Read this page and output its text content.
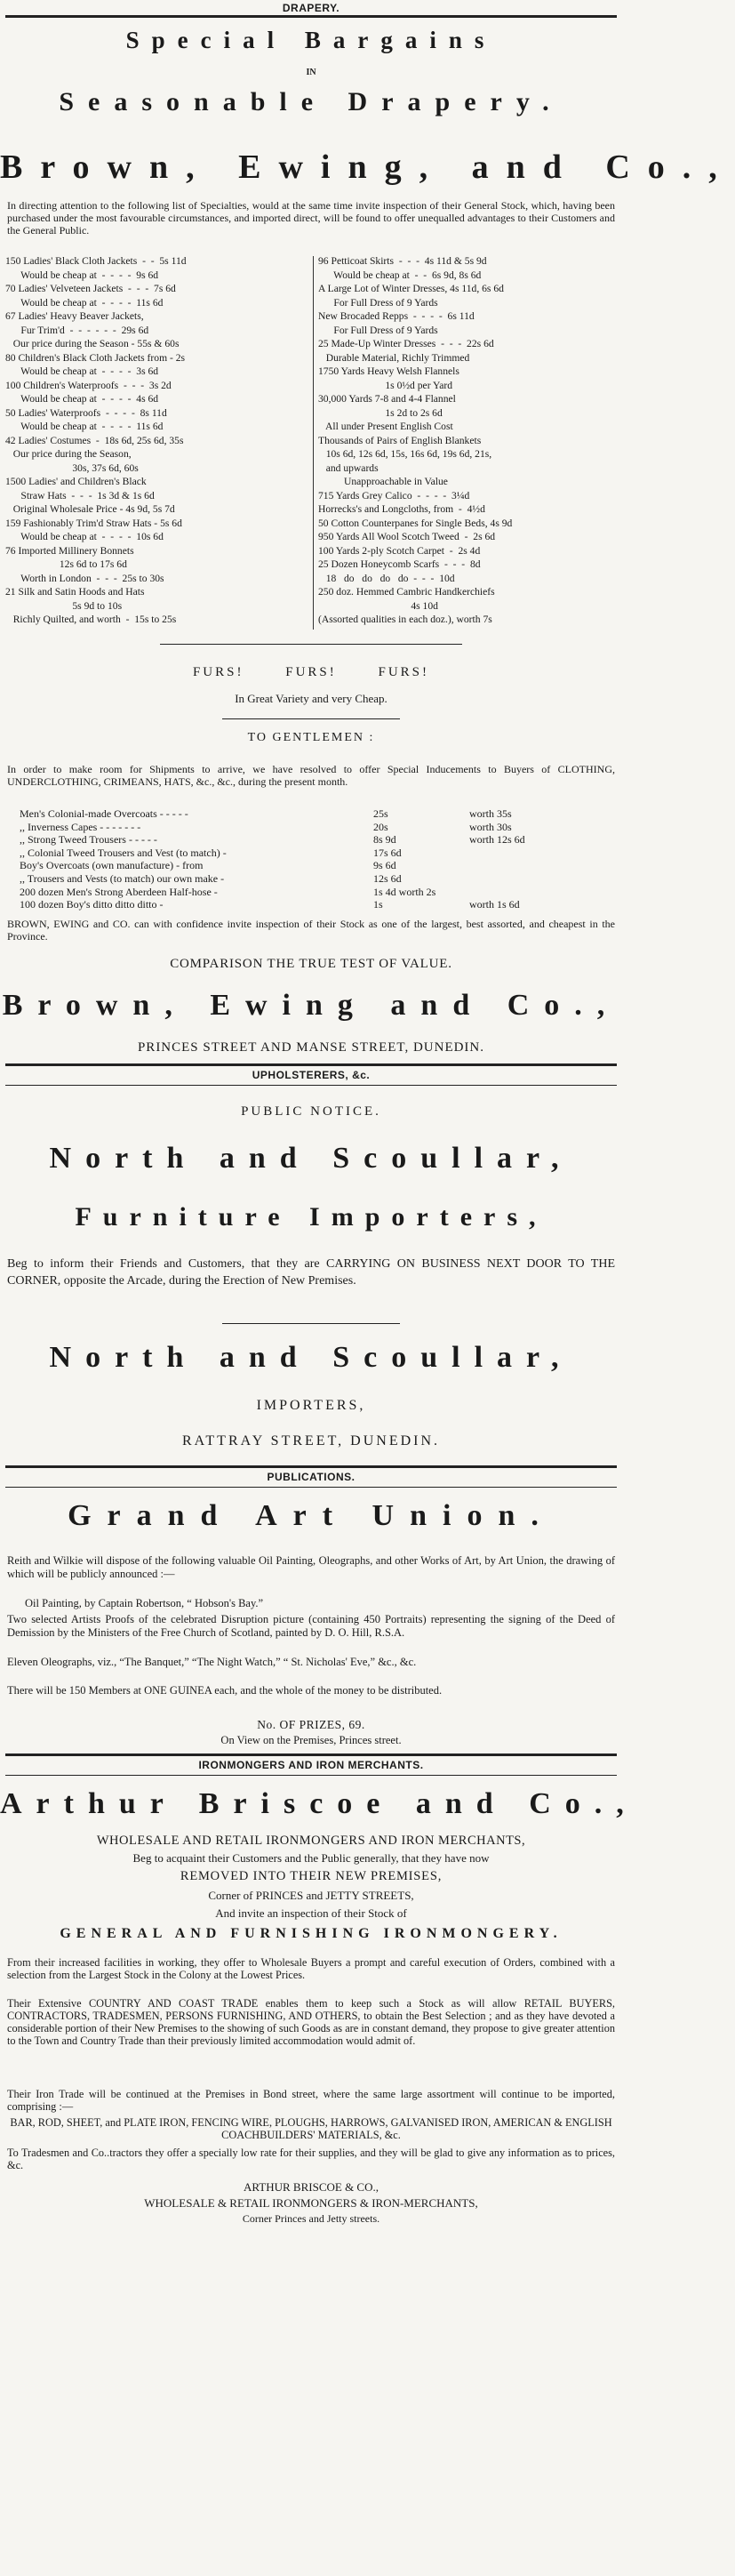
DRAPERY.
Special Bargains
IN
Seasonable Drapery.
Brown, Ewing, and Co.,
In directing attention to the following list of Specialties, would at the same time invite inspection of their General Stock, which, having been purchased under the most favourable circumstances, and imported direct, will be found to offer unequalled advantages to their Customers and the General Public.
150 Ladies' Black Cloth Jackets  -  -  5s 11d
Would be cheap at  -  -  -  -  9s 6d
70 Ladies' Velveteen Jackets  -  -  -  7s 6d
Would be cheap at  -  -  -  -  11s 6d
67 Ladies' Heavy Beaver Jackets,
Fur Trim'd  -  -  -  -  -  -  29s 6d
Our price during the Season - 55s & 60s
80 Children's Black Cloth Jackets from - 2s
Would be cheap at  -  -  -  -  3s 6d
100 Children's Waterproofs  -  -  -  3s 2d
Would be cheap at  -  -  -  -  4s 6d
50 Ladies' Waterproofs  -  -  -  -  8s 11d
Would be cheap at  -  -  -  -  11s 6d
42 Ladies' Costumes  -  18s 6d, 25s 6d, 35s
Our price during the Season,
30s, 37s 6d, 60s
1500 Ladies' and Children's Black
Straw Hats  -  -  -  1s 3d & 1s 6d
Original Wholesale Price - 4s 9d, 5s 7d
159 Fashionably Trim'd Straw Hats - 5s 6d
Would be cheap at  -  -  -  -  10s 6d
76 Imported Millinery Bonnets
12s 6d to 17s 6d
Worth in London  -  -  -  25s to 30s
21 Silk and Satin Hoods and Hats
5s 9d to 10s
Richly Quilted, and worth  -  15s to 25s
96 Petticoat Skirts  -  -  -  4s 11d & 5s 9d
Would be cheap at  -  -  6s 9d, 8s 6d
A Large Lot of Winter Dresses, 4s 11d, 6s 6d
For Full Dress of 9 Yards
New Brocaded Repps  -  -  -  -  6s 11d
For Full Dress of 9 Yards
25 Made-Up Winter Dresses  -  -  -  22s 6d
Durable Material, Richly Trimmed
1750 Yards Heavy Welsh Flannels
1s 0½d per Yard
30,000 Yards 7-8 and 4-4 Flannel
1s 2d to 2s 6d
All under Present English Cost
Thousands of Pairs of English Blankets
10s 6d, 12s 6d, 15s, 16s 6d, 19s 6d, 21s,
and upwards
Unapproachable in Value
715 Yards Grey Calico  -  -  -  -  3¼d
Horrecks's and Longcloths, from  -  4½d
50 Cotton Counterpanes for Single Beds, 4s 9d
950 Yards All Wool Scotch Tweed  -  2s 6d
100 Yards 2-ply Scotch Carpet  -  2s 4d
25 Dozen Honeycomb Scarfs  -  -  -  8d
18   do   do   do   do  -  -  -  10d
250 doz. Hemmed Cambric Handkerchiefs
4s 10d
(Assorted qualities in each doz.), worth 7s
FURS! FURS! FURS!
In Great Variety and very Cheap.
TO GENTLEMEN :
In order to make room for Shipments to arrive, we have resolved to offer Special Inducements to Buyers of CLOTHING, UNDERCLOTHING, CRIMEANS, HATS, &c., &c., during the present month.
Men's Colonial-made Overcoats - - - - -	25s	worth 35s
,, Inverness Capes - - - - - - -	20s	worth 30s
,, Strong Tweed Trousers - - - - -	8s 9d	worth 12s 6d
,, Colonial Tweed Trousers and Vest (to match) -	17s 6d
Boy's Overcoats (own manufacture) - from	9s 6d
,, Trousers and Vests (to match) our own make -	12s 6d
200 dozen Men's Strong Aberdeen Half-hose -	1s 4d worth 2s
100 dozen Boy's ditto ditto ditto -	1s	worth 1s 6d
BROWN, EWING and CO. can with confidence invite inspection of their Stock as one of the largest, best assorted, and cheapest in the Province.
COMPARISON THE TRUE TEST OF VALUE.
Brown, Ewing and Co.,
PRINCES STREET AND MANSE STREET, DUNEDIN.
UPHOLSTERERS, &c.
PUBLIC NOTICE.
North and Scoullar,
Furniture Importers,
Beg to inform their Friends and Customers, that they are CARRYING ON BUSINESS NEXT DOOR TO THE CORNER, opposite the Arcade, during the Erection of New Premises.
North and Scoullar,
IMPORTERS,
RATTRAY STREET, DUNEDIN.
PUBLICATIONS.
Grand Art Union.
Reith and Wilkie will dispose of the following valuable Oil Painting, Oleographs, and other Works of Art, by Art Union, the drawing of which will be publicly announced :—
Oil Painting, by Captain Robertson, “ Hobson's Bay.”
Two selected Artists Proofs of the celebrated Disruption picture (containing 450 Portraits) representing the signing of the Deed of Demission by the Ministers of the Free Church of Scotland, painted by D. O. Hill, R.S.A.
Eleven Oleographs, viz., “The Banquet,” “The Night Watch,” “ St. Nicholas' Eve,” &c., &c.
There will be 150 Members at ONE GUINEA each, and the whole of the money to be distributed.
No. OF PRIZES, 69.
On View on the Premises, Princes street.
IRONMONGERS AND IRON MERCHANTS.
Arthur Briscoe and Co.,
WHOLESALE AND RETAIL IRONMONGERS AND IRON MERCHANTS,
Beg to acquaint their Customers and the Public generally, that they have now
REMOVED INTO THEIR NEW PREMISES,
Corner of PRINCES and JETTY STREETS,
And invite an inspection of their Stock of
GENERAL AND FURNISHING IRONMONGERY.
From their increased facilities in working, they offer to Wholesale Buyers a prompt and careful execution of Orders, combined with a selection from the Largest Stock in the Colony at the Lowest Prices.
Their Extensive COUNTRY AND COAST TRADE enables them to keep such a Stock as will allow RETAIL BUYERS, CONTRACTORS, TRADESMEN, PERSONS FURNISHING, AND OTHERS, to obtain the Best Selection ; and as they have devoted a considerable portion of their New Premises to the showing of such Goods as are in constant demand, they propose to give greater attention to the Town and Country Trade than their previously limited accommodation would admit of.
Their Iron Trade will be continued at the Premises in Bond street, where the same large assortment will continue to be imported, comprising :—
BAR, ROD, SHEET, and PLATE IRON, FENCING WIRE, PLOUGHS, HARROWS, GALVANISED IRON, AMERICAN & ENGLISH COACHBUILDERS' MATERIALS, &c.
To Tradesmen and Co..tractors they offer a specially low rate for their supplies, and they will be glad to give any information as to prices, &c.
ARTHUR BRISCOE & CO.,
WHOLESALE & RETAIL IRONMONGERS & IRON-MERCHANTS,
Corner Princes and Jetty streets.
